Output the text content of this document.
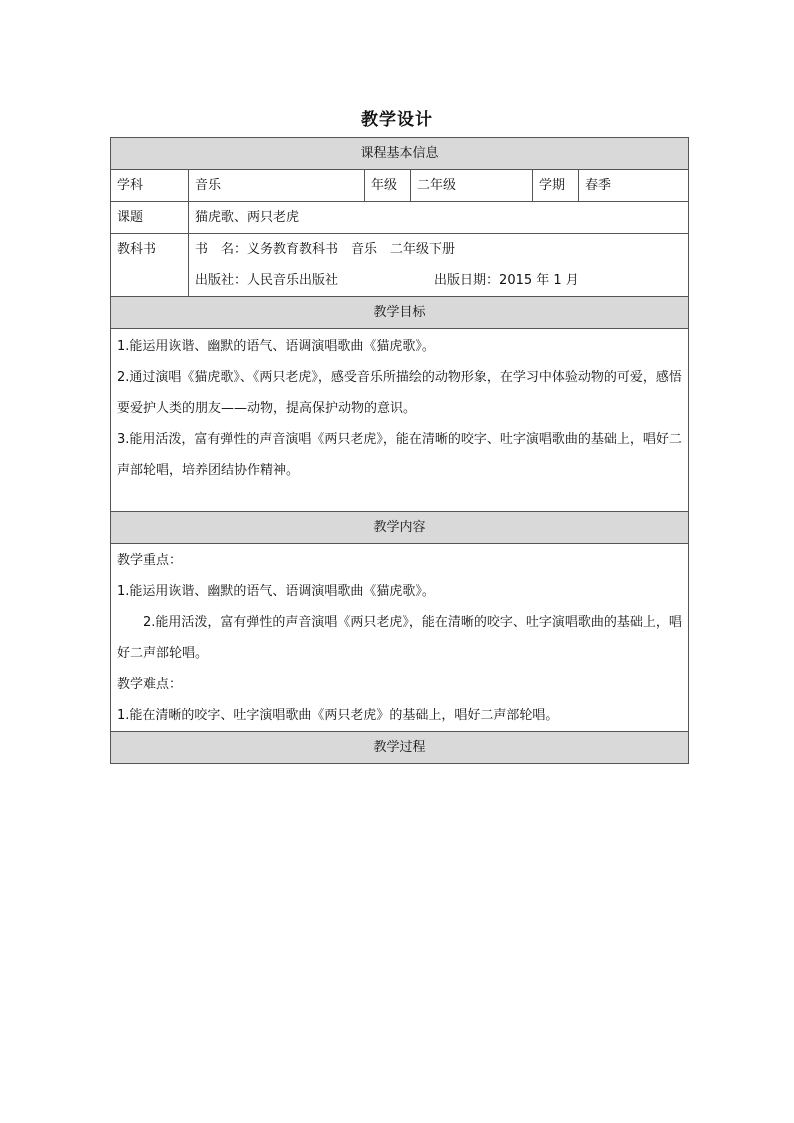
教学设计
课程基本信息					
学科	音乐	年级	二年级	学期	春季
课题	猫虎歌、两只老虎				
教科书	书　名：义务教育教科书　音乐　二年级下册
出版社：人民音乐出版社 出版日期：2015 年 1 月				

教学目标					

1.能运用诙谐、幽默的语气、语调演唱歌曲《猫虎歌》。

2.通过演唱《猫虎歌》、《两只老虎》，感受音乐所描绘的动物形象，在学习中体验动物的可爱，感悟要爱护人类的朋友——动物，提高保护动物的意识。

3.能用活泼，富有弹性的声音演唱《两只老虎》，能在清晰的咬字、吐字演唱歌曲的基础上，唱好二声部轮唱，培养团结协作精神。					

教学内容					

教学重点：

1.能运用诙谐、幽默的语气、语调演唱歌曲《猫虎歌》。

2.能用活泼，富有弹性的声音演唱《两只老虎》，能在清晰的咬字、吐字演唱歌曲的基础上，唱好二声部轮唱。

教学难点：

1.能在清晰的咬字、吐字演唱歌曲《两只老虎》的基础上，唱好二声部轮唱。					

教学过程					
